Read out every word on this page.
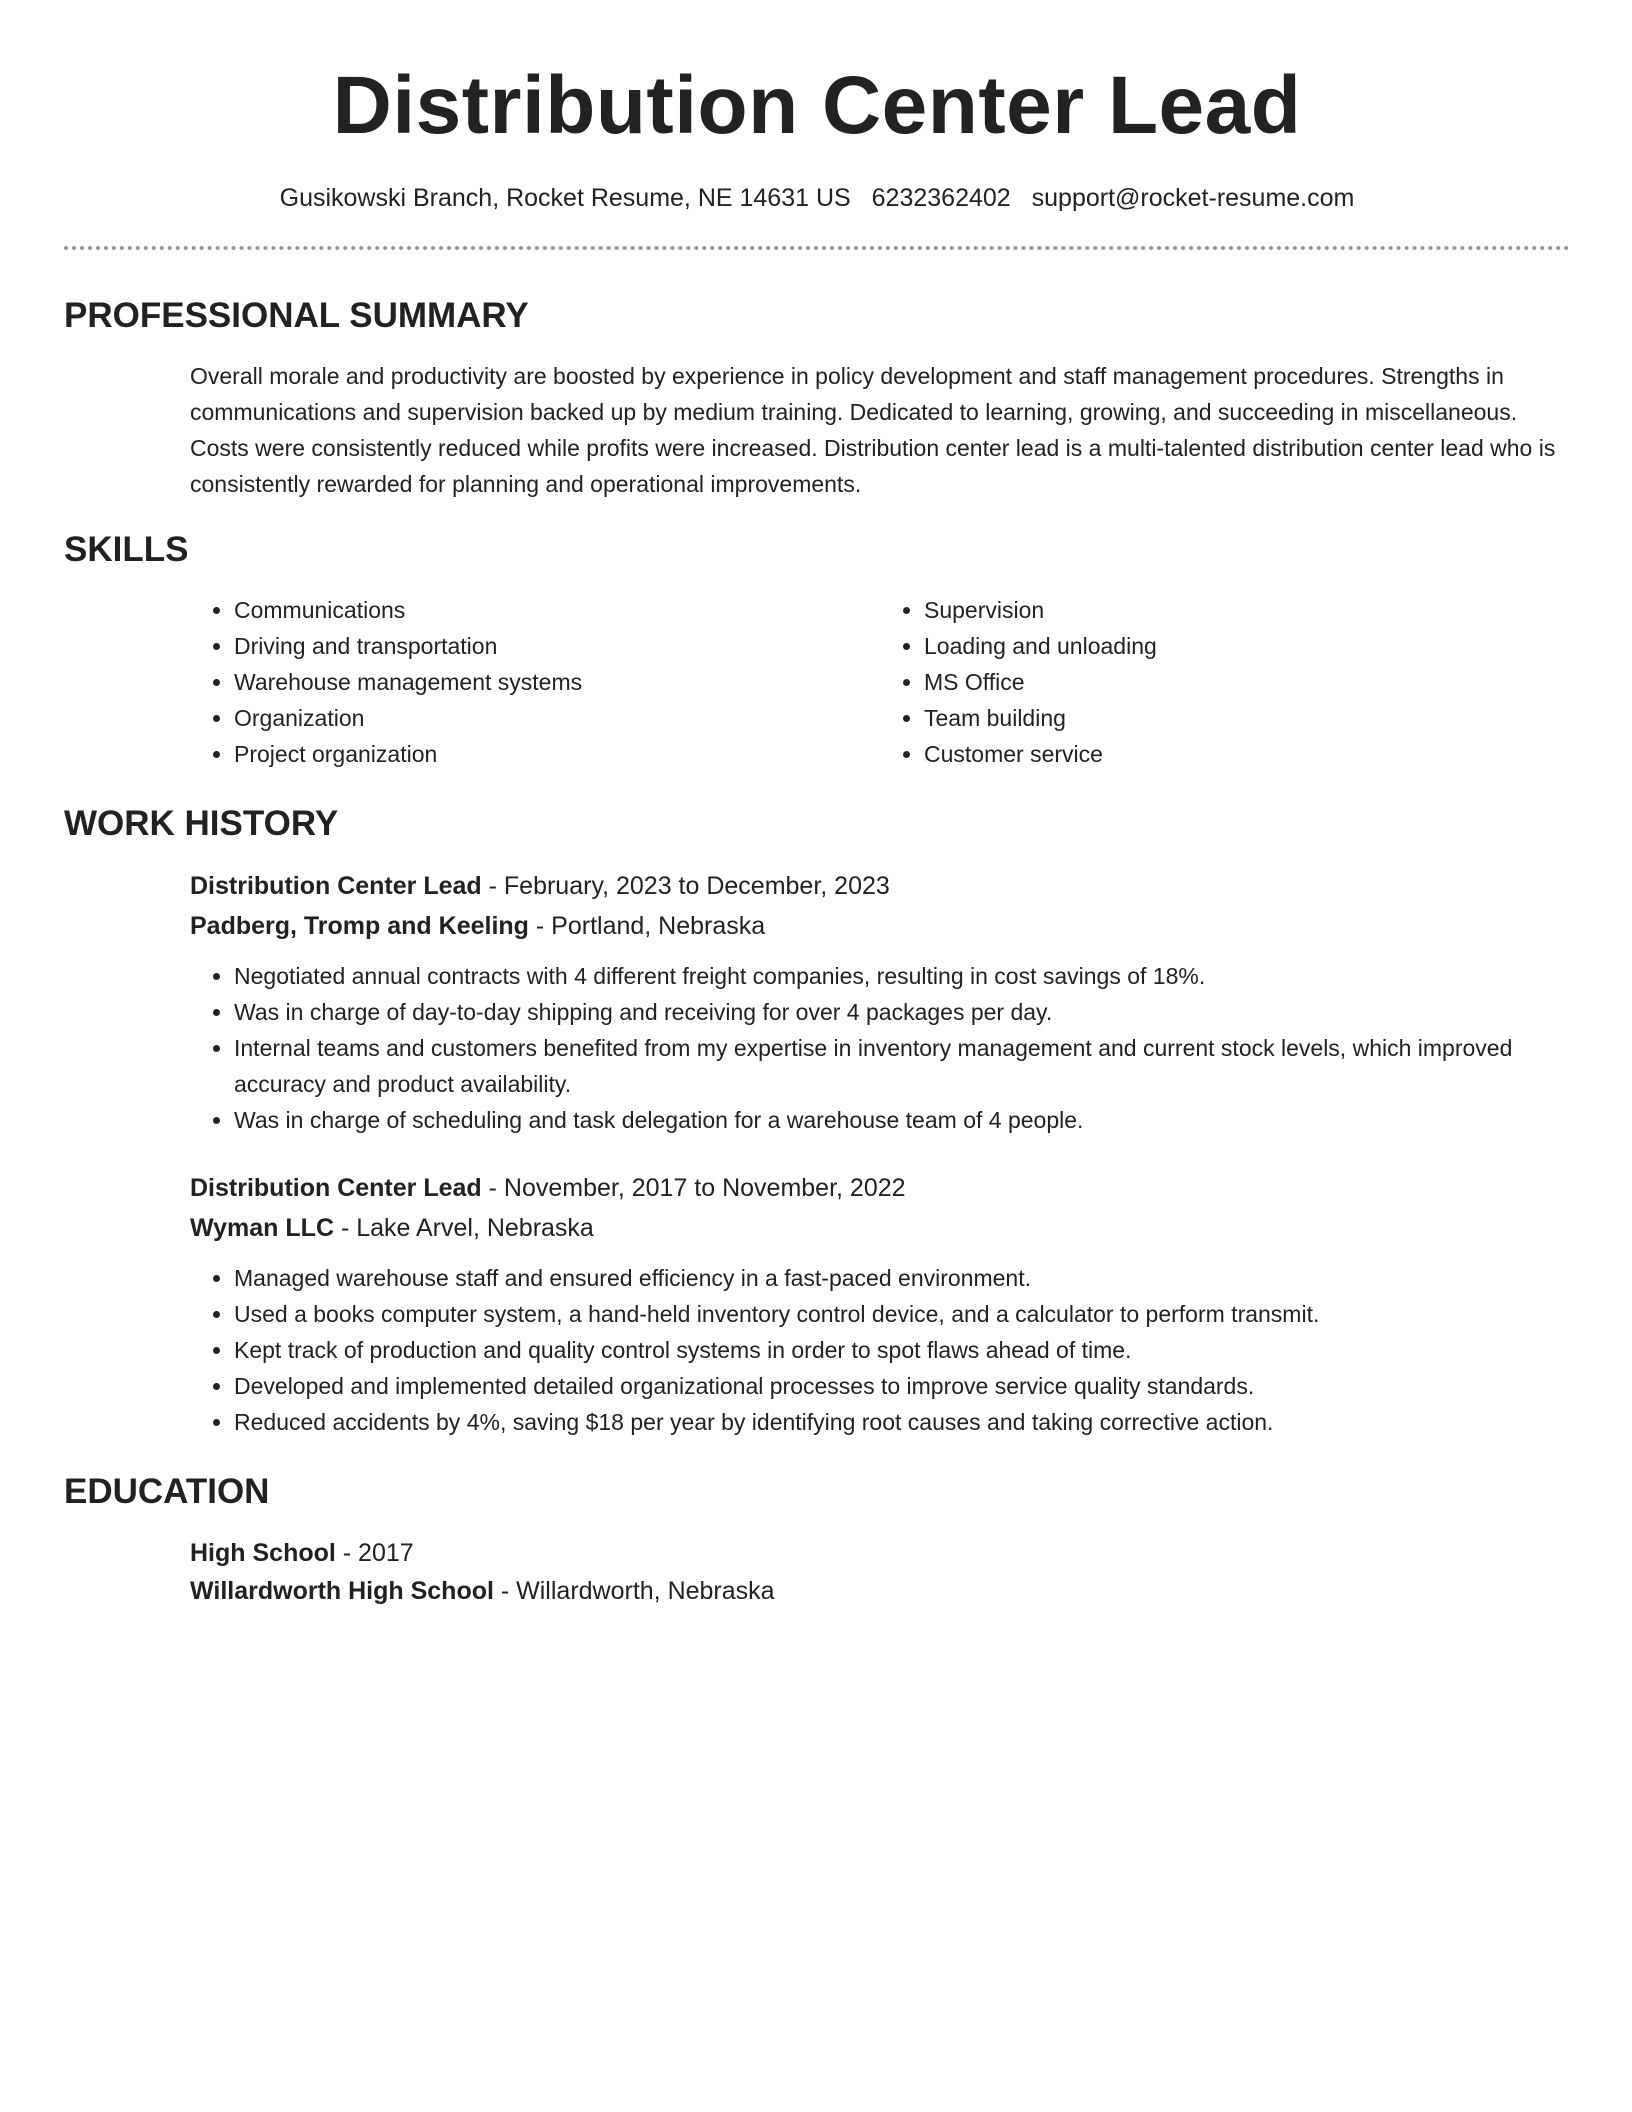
Distribution Center Lead
Gusikowski Branch, Rocket Resume, NE 14631 US 6232362402 support@rocket-resume.com
PROFESSIONAL SUMMARY

Overall morale and productivity are boosted by experience in policy development and staff management procedures. Strengths in communications and supervision backed up by medium training. Dedicated to learning, growing, and succeeding in miscellaneous. Costs were consistently reduced while profits were increased. Distribution center lead is a multi-talented distribution center lead who is consistently rewarded for planning and operational improvements.

SKILLS
• Communications
• Driving and transportation
• Warehouse management systems
• Organization
• Project organization
• Supervision
• Loading and unloading
• MS Office
• Team building
• Customer service
WORK HISTORY
Distribution Center Lead - February, 2023 to December, 2023
Padberg, Tromp and Keeling - Portland, Nebraska
• Negotiated annual contracts with 4 different freight companies, resulting in cost savings of 18%.
• Was in charge of day-to-day shipping and receiving for over 4 packages per day.
• Internal teams and customers benefited from my expertise in inventory management and current stock levels, which improved accuracy and product availability.
• Was in charge of scheduling and task delegation for a warehouse team of 4 people.
Distribution Center Lead - November, 2017 to November, 2022
Wyman LLC - Lake Arvel, Nebraska
• Managed warehouse staff and ensured efficiency in a fast-paced environment.
• Used a books computer system, a hand-held inventory control device, and a calculator to perform transmit.
• Kept track of production and quality control systems in order to spot flaws ahead of time.
• Developed and implemented detailed organizational processes to improve service quality standards.
• Reduced accidents by 4%, saving $18 per year by identifying root causes and taking corrective action.
EDUCATION
High School - 2017
Willardworth High School - Willardworth, Nebraska
